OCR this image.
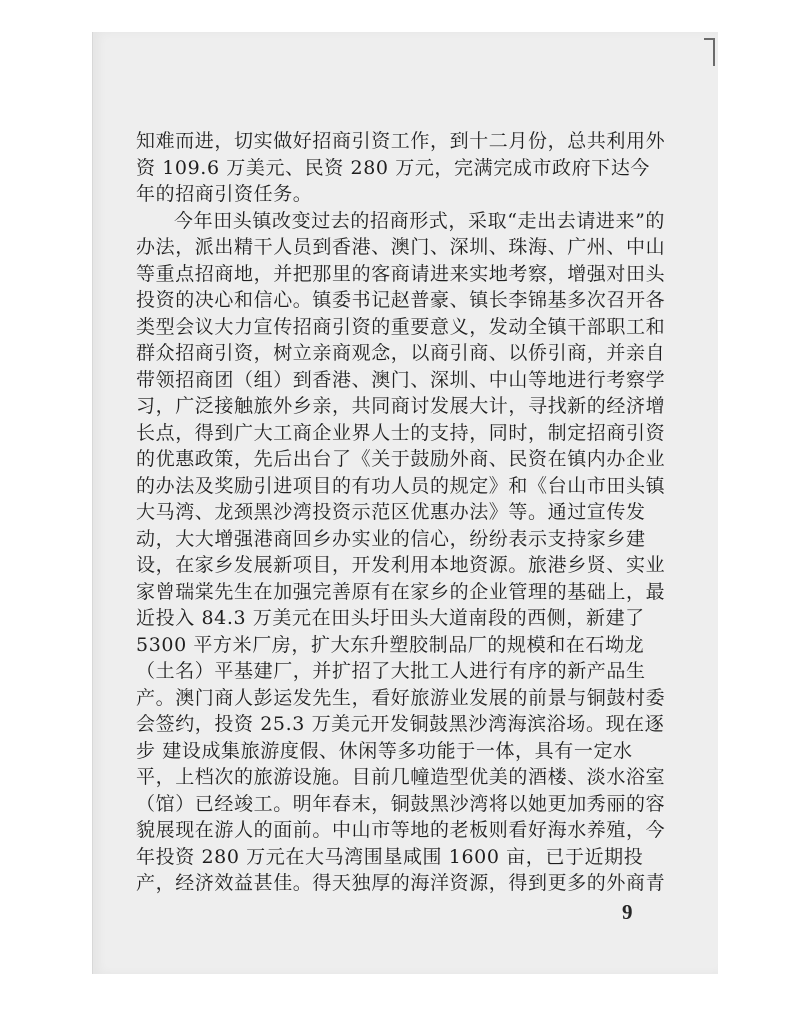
知难而进，切实做好招商引资工作，到十二月份，总共利用外资 109.6 万美元、民资 280 万元，完满完成市政府下达今年的招商引资任务。

今年田头镇改变过去的招商形式，采取“走出去请进来”的办法，派出精干人员到香港、澳门、深圳、珠海、广州、中山等重点招商地，并把那里的客商请进来实地考察，增强对田头投资的决心和信心。镇委书记赵普豪、镇长李锦基多次召开各类型会议大力宣传招商引资的重要意义，发动全镇干部职工和群众招商引资，树立亲商观念，以商引商、以侨引商，并亲自带领招商团（组）到香港、澳门、深圳、中山等地进行考察学习，广泛接触旅外乡亲，共同商讨发展大计，寻找新的经济增长点，得到广大工商企业界人士的支持，同时，制定招商引资的优惠政策，先后出台了《关于鼓励外商、民资在镇内办企业的办法及奖励引进项目的有功人员的规定》和《台山市田头镇大马湾、龙颈黑沙湾投资示范区优惠办法》等。通过宣传发动，大大增强港商回乡办实业的信心，纷纷表示支持家乡建设，在家乡发展新项目，开发利用本地资源。旅港乡贤、实业家曾瑞棠先生在加强完善原有在家乡的企业管理的基础上，最近投入 84.3 万美元在田头圩田头大道南段的西侧，新建了 5300 平方米厂房，扩大东升塑胶制品厂的规模和在石坳龙（土名）平基建厂，并扩招了大批工人进行有序的新产品生产。澳门商人彭运发先生，看好旅游业发展的前景与铜鼓村委会签约，投资 25.3 万美元开发铜鼓黑沙湾海滨浴场。现在逐步 建设成集旅游度假、休闲等多功能于一体，具有一定水平，上档次的旅游设施。目前几幢造型优美的酒楼、淡水浴室（馆）已经竣工。明年春末，铜鼓黑沙湾将以她更加秀丽的容貌展现在游人的面前。中山市等地的老板则看好海水养殖，今年投资 280 万元在大马湾围垦咸围 1600 亩，已于近期投产，经济效益甚佳。得天独厚的海洋资源，得到更多的外商青

9
